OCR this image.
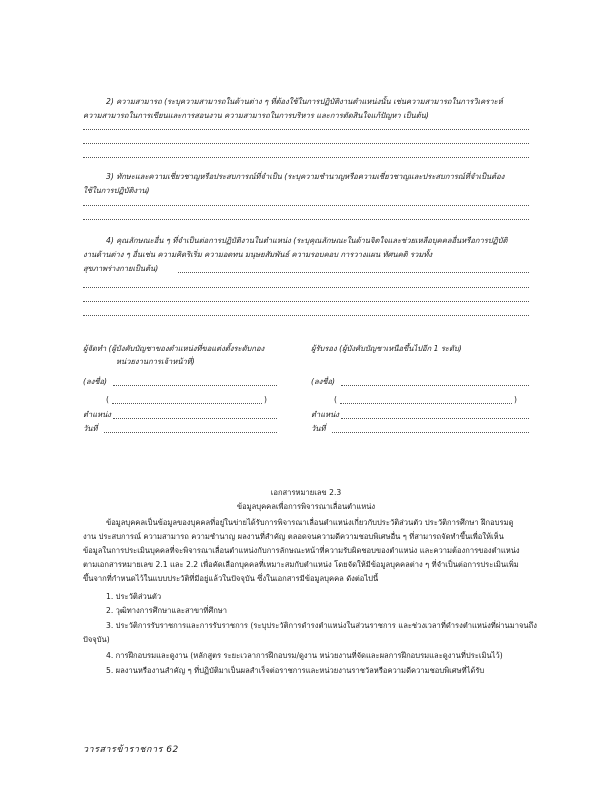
2) ความสามารถ (ระบุความสามารถในด้านต่าง ๆ ที่ต้องใช้ในการปฏิบัติงานตำแหน่งนั้น เช่นความสามารถในการวิเคราะห์
ความสามารถในการเขียนและการสอนงาน ความสามารถในการบริหาร และการตัดสินใจแก้ปัญหา เป็นต้น)
3) ทักษะและความเชี่ยวชาญหรือประสบการณ์ที่จำเป็น (ระบุความชำนาญหรือความเชี่ยวชาญและประสบการณ์ที่จำเป็นต้อง
ใช้ในการปฏิบัติงาน)
4) คุณลักษณะอื่น ๆ ที่จำเป็นต่อการปฏิบัติงานในตำแหน่ง (ระบุคุณลักษณะในด้านจิตใจและช่วยเหลือบุคคลอื่นหรือการปฏิบัติ
งานด้านต่าง ๆ อื่นเช่น ความคิดริเริ่ม ความอดทน มนุษยสัมพันธ์ ความรอบคอบ การวางแผน ทัศนคติ รวมทั้ง
สุขภาพร่างกายเป็นต้น)
ผู้จัดทำ (ผู้บังคับบัญชาของตำแหน่งที่ขอแต่งตั้งระดับกอง
หน่วยงานการเจ้าหน้าที่)
(ลงชื่อ)
(	)
ตำแหน่ง
วันที่
ผู้รับรอง (ผู้บังคับบัญชาเหนือขึ้นไปอีก 1 ระดับ)
(ลงชื่อ)
(	)
ตำแหน่ง
วันที่
เอกสารหมายเลข 2.3
ข้อมูลบุคคลเพื่อการพิจารณาเลื่อนตำแหน่ง
ข้อมูลบุคคลเป็นข้อมูลของบุคคลที่อยู่ในข่ายได้รับการพิจารณาเลื่อนตำแหน่งเกี่ยวกับประวัติส่วนตัว ประวัติการศึกษา ฝึกอบรมดู
งาน ประสบการณ์ ความสามารถ ความชำนาญ ผลงานที่สำคัญ ตลอดจนความดีความชอบพิเศษอื่น ๆ ที่สามารถจัดทำขึ้นเพื่อให้เห็น
ข้อมูลในการประเมินบุคคลที่จะพิจารณาเลื่อนตำแหน่งกับการลักษณะหน้าที่ความรับผิดชอบของตำแหน่ง และความต้องการของตำแหน่ง
ตามเอกสารหมายเลข 2.1 และ 2.2 เพื่อคัดเลือกบุคคลที่เหมาะสมกับตำแหน่ง โดยจัดให้มีข้อมูลบุคคลต่าง ๆ ที่จำเป็นต่อการประเมินเพิ่ม
ขึ้นจากที่กำหนดไว้ในแบบประวัติที่มีอยู่แล้วในปัจจุบัน ซึ่งในเอกสารมีข้อมูลบุคคล ดังต่อไปนี้
1. ประวัติส่วนตัว
2. วุฒิทางการศึกษาและสาขาที่ศึกษา
3. ประวัติการรับราชการและการรับราชการ (ระบุประวัติการดำรงตำแหน่งในส่วนราชการ และช่วงเวลาที่ดำรงตำแหน่งที่ผ่านมาจนถึง
ปัจจุบัน)
4. การฝึกอบรมและดูงาน (หลักสูตร ระยะเวลาการฝึกอบรม/ดูงาน หน่วยงานที่จัดและผลการฝึกอบรมและดูงานที่ประเมินไว้)
5. ผลงานหรืองานสำคัญ ๆ ที่ปฏิบัติมาเป็นผลสำเร็จต่อราชการและหน่วยงานราชวัลหรือความดีความชอบพิเศษที่ได้รับ
วารสารข้าราชการ 62
